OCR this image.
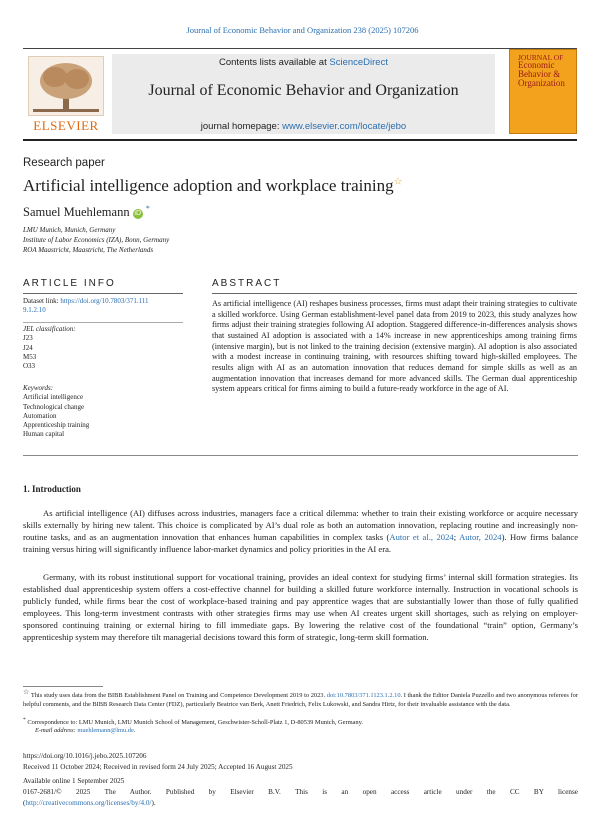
Journal of Economic Behavior and Organization 238 (2025) 107206
ELSEVIER
Contents lists available at ScienceDirect
Journal of Economic Behavior and Organization
journal homepage: www.elsevier.com/locate/jebo
JOURNAL OF
Economic
Behavior &
Organization
Research paper
Artificial intelligence adoption and workplace training☆
Samuel Muehlemann iD *
LMU Munich, Munich, Germany
Institute of Labor Economics (IZA), Bonn, Germany
ROA Maastricht, Maastricht, The Netherlands
ARTICLE INFO
Dataset link: https://doi.org/10.7803/371.111
9.1.2.10
JEL classification:
J23
J24
M53
O33
Keywords:
Artificial intelligence
Technological change
Automation
Apprenticeship training
Human capital
ABSTRACT
As artificial intelligence (AI) reshapes business processes, firms must adapt their training strategies to cultivate a skilled workforce. Using German establishment-level panel data from 2019 to 2023, this study analyzes how firms adjust their training strategies following AI adoption. Staggered difference-in-differences analysis shows that sustained AI adoption is associated with a 14% increase in new apprenticeships among training firms (intensive margin), but is not linked to the training decision (extensive margin). AI adoption is also associated with a modest increase in continuing training, with resources shifting toward high-skilled employees. The results align with AI as an automation innovation that reduces demand for simple skills as well as an augmentation innovation that increases demand for more advanced skills. The German dual apprenticeship system appears critical for firms aiming to build a future-ready workforce in the age of AI.
1. Introduction
As artificial intelligence (AI) diffuses across industries, managers face a critical dilemma: whether to train their existing workforce or acquire necessary skills externally by hiring new talent. This choice is complicated by AI’s dual role as both an automation innovation, replacing routine and increasingly non-routine tasks, and as an augmentation innovation that enhances human capabilities in complex tasks (Autor et al., 2024; Autor, 2024). How firms balance training versus hiring will significantly influence labor-market dynamics and policy priorities in the AI era.
Germany, with its robust institutional support for vocational training, provides an ideal context for studying firms’ internal skill formation strategies. Its established dual apprenticeship system offers a cost-effective channel for building a skilled future workforce internally. Instruction in vocational schools is publicly funded, while firms bear the cost of workplace-based training and pay apprentice wages that are substantially lower than those of fully qualified employees. This long-term investment contrasts with other strategies firms may use when AI creates urgent skill shortages, such as relying on employer-sponsored continuing training or external hiring to fill immediate gaps. By lowering the relative cost of the foundational “train” option, Germany’s apprenticeship system may therefore tilt managerial decisions toward this form of strategic, long-term skill formation.
☆ This study uses data from the BIBB Establishment Panel on Training and Competence Development 2019 to 2023. doi:10.7803/371.1123.1.2.10. I thank the Editor Daniela Puzzello and two anonymous referees for helpful comments, and the BIBB Research Data Center (FDZ), particularly Beatrice van Berk, Anett Friedrich, Felix Lukowski, and Sandra Hirtz, for their invaluable assistance with the data.
* Correspondence to: LMU Munich, LMU Munich School of Management, Geschwister-Scholl-Platz 1, D-80539 Munich, Germany.
E-mail address: muehlemann@lmu.de.
https://doi.org/10.1016/j.jebo.2025.107206
Received 11 October 2024; Received in revised form 24 July 2025; Accepted 16 August 2025
Available online 1 September 2025
0167-2681/© 2025 The Author. Published by Elsevier B.V. This is an open access article under the CC BY license
(http://creativecommons.org/licenses/by/4.0/).
